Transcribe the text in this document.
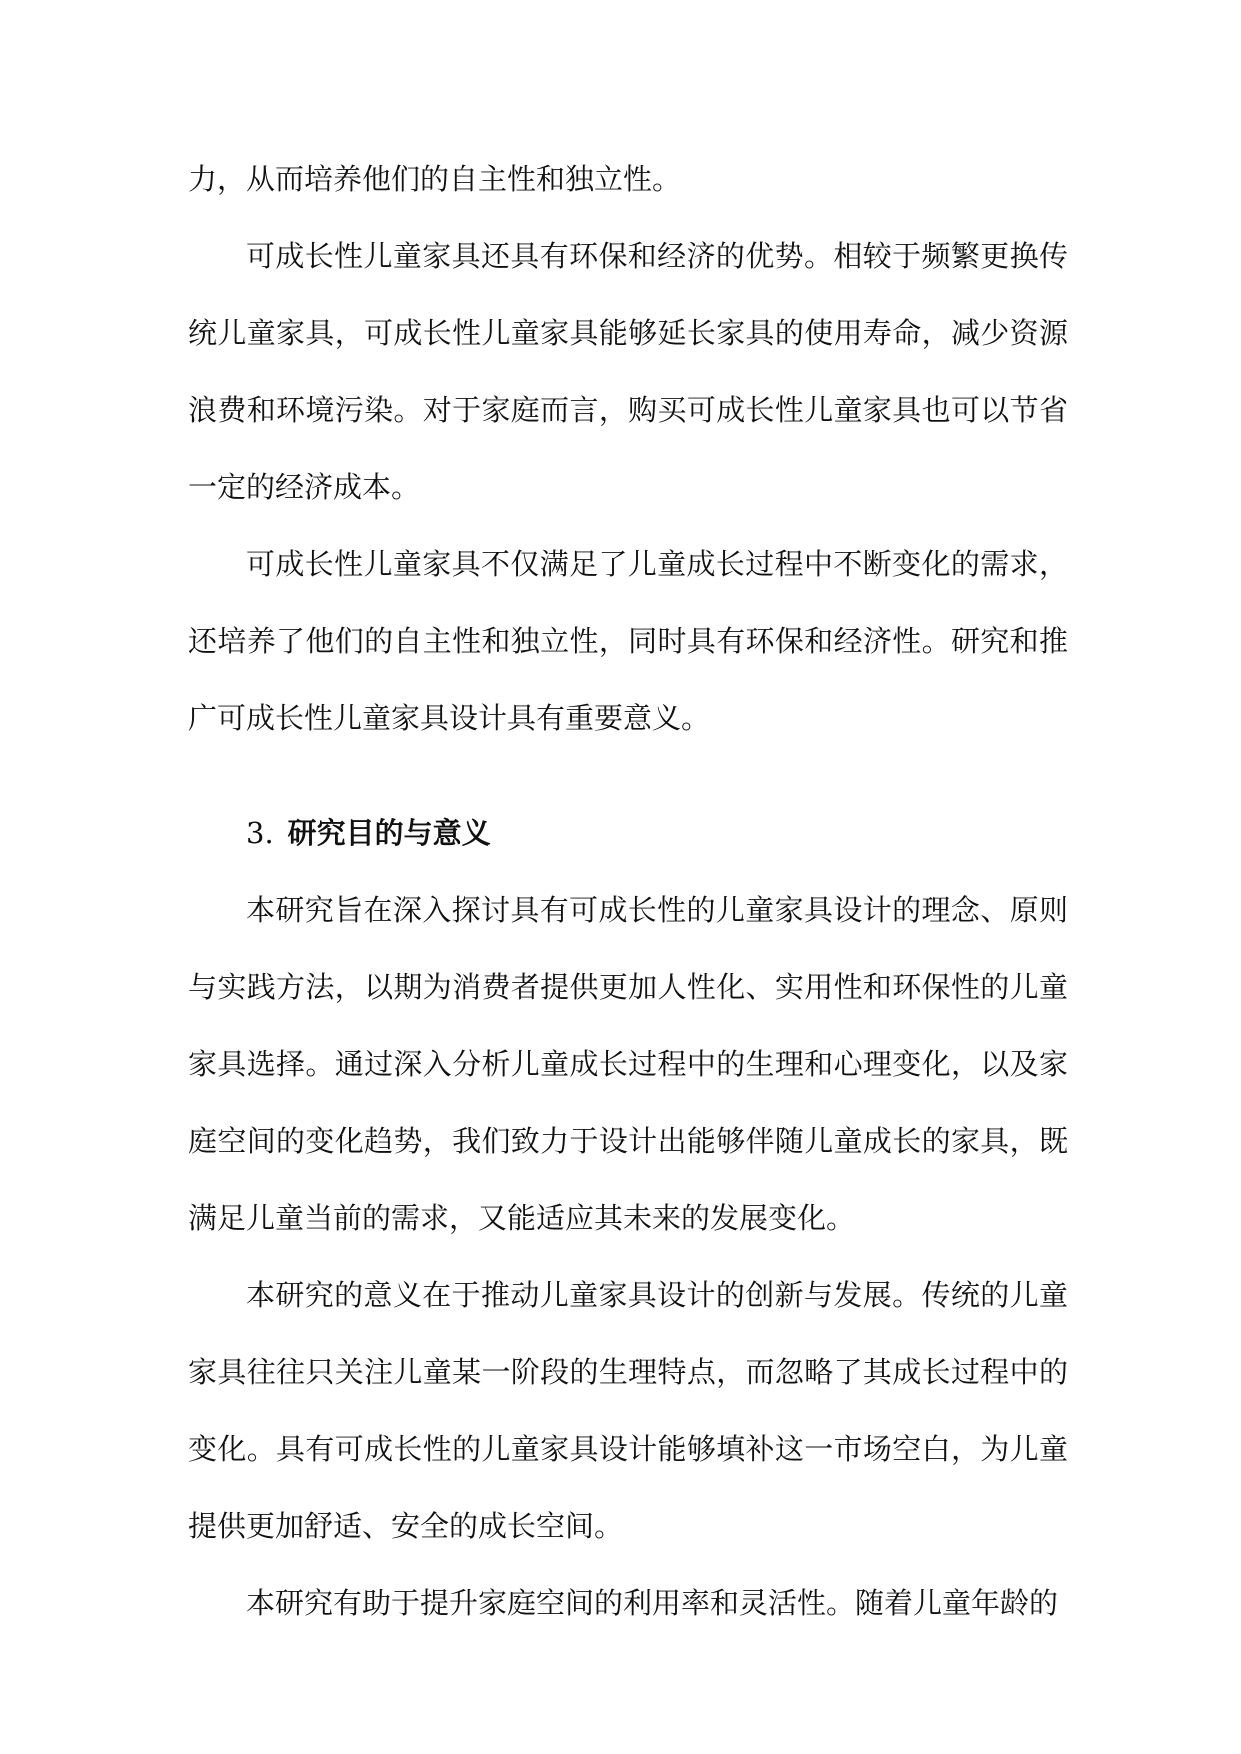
力，从而培养他们的自主性和独立性。

可成长性儿童家具还具有环保和经济的优势。相较于频繁更换传统儿童家具，可成长性儿童家具能够延长家具的使用寿命，减少资源浪费和环境污染。对于家庭而言，购买可成长性儿童家具也可以节省一定的经济成本。

可成长性儿童家具不仅满足了儿童成长过程中不断变化的需求，还培养了他们的自主性和独立性，同时具有环保和经济性。研究和推广可成长性儿童家具设计具有重要意义。

3. 研究目的与意义

本研究旨在深入探讨具有可成长性的儿童家具设计的理念、原则与实践方法，以期为消费者提供更加人性化、实用性和环保性的儿童家具选择。通过深入分析儿童成长过程中的生理和心理变化，以及家庭空间的变化趋势，我们致力于设计出能够伴随儿童成长的家具，既满足儿童当前的需求，又能适应其未来的发展变化。

本研究的意义在于推动儿童家具设计的创新与发展。传统的儿童家具往往只关注儿童某一阶段的生理特点，而忽略了其成长过程中的变化。具有可成长性的儿童家具设计能够填补这一市场空白，为儿童提供更加舒适、安全的成长空间。

本研究有助于提升家庭空间的利用率和灵活性。随着儿童年龄的
